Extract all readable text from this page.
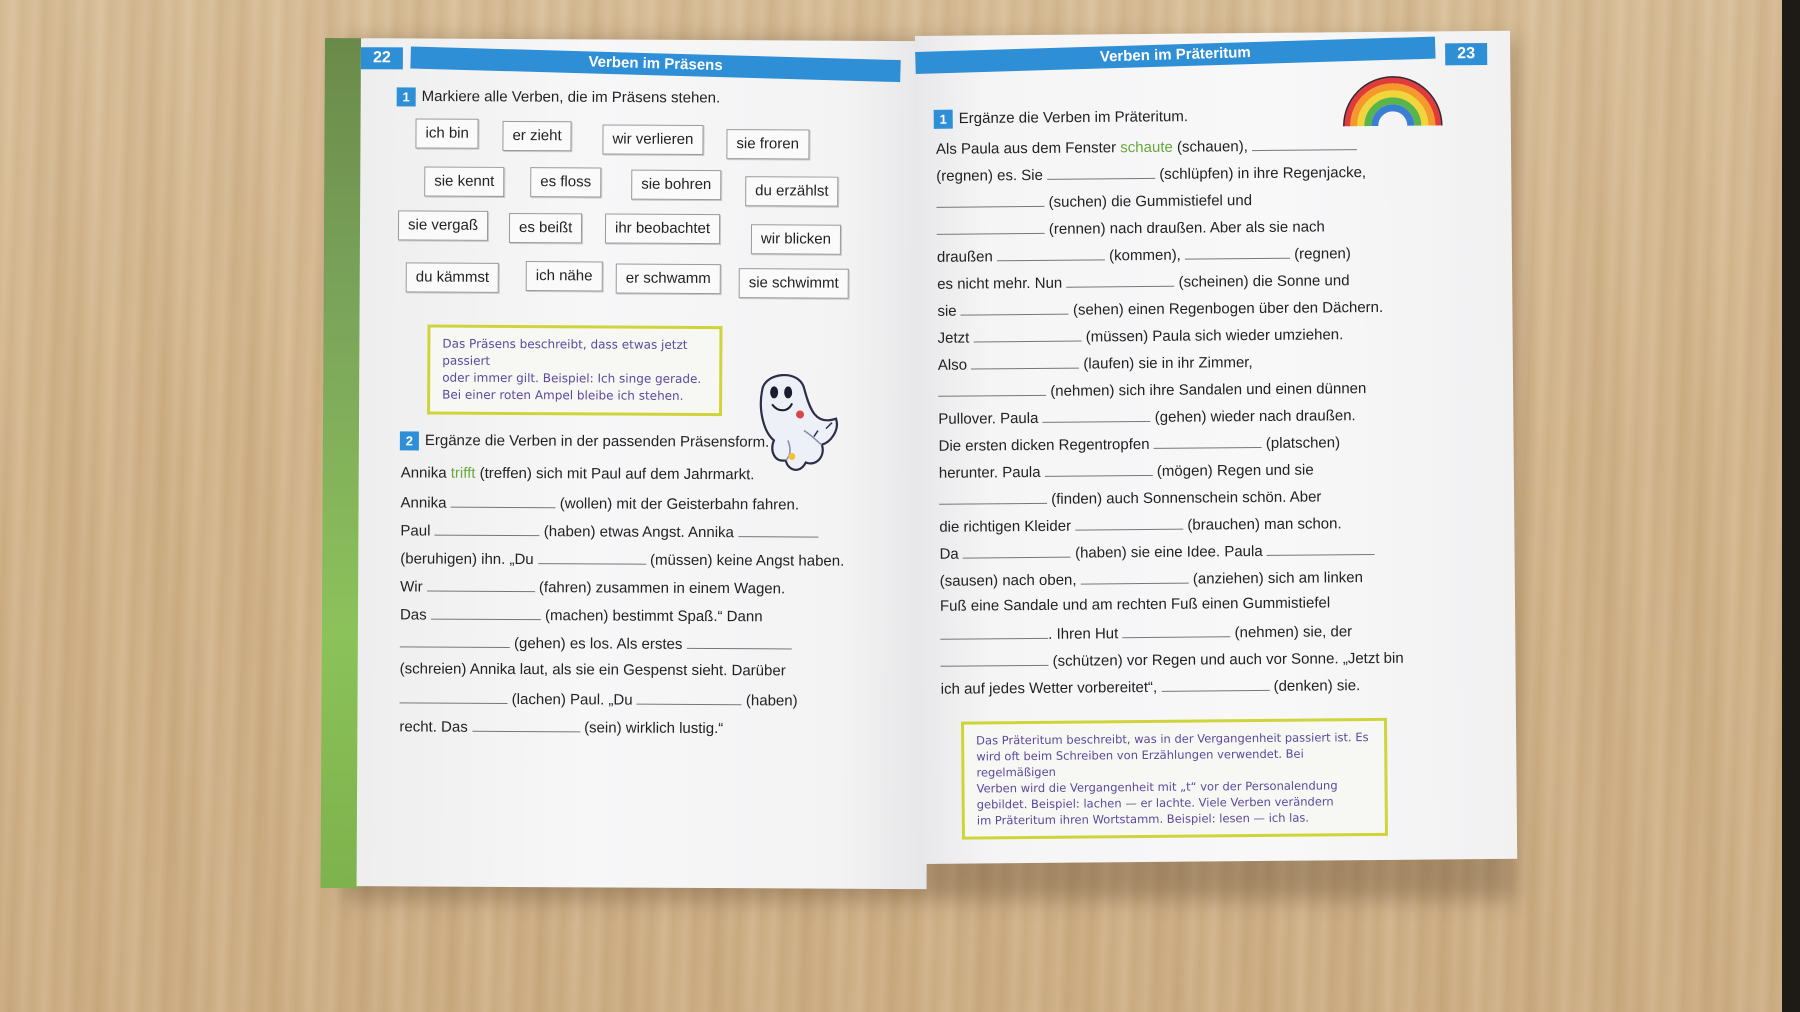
22	Verben im Präsens
1 Markiere alle Verben, die im Präsens stehen.
ich bin	er zieht	wir verlieren	sie froren
sie kennt	es floss	sie bohren	du erzählst
sie vergaß	es beißt	ihr beobachtet
wir blicken
du kämmst	ich nähe	er schwamm	sie schwimmt
Das Präsens beschreibt, dass etwas jetzt passiert
oder immer gilt. Beispiel: Ich singe gerade.
Bei einer roten Ampel bleibe ich stehen.
2 Ergänze die Verben in der passenden Präsensform.
Annika trifft (treffen) sich mit Paul auf dem Jahrmarkt.
Annika	(wollen) mit der Geisterbahn fahren.
Paul	(haben) etwas Angst. Annika
(beruhigen) ihn. „Du	(müssen) keine Angst haben.
Wir	(fahren) zusammen in einem Wagen.
Das	(machen) bestimmt Spaß.“ Dann
(gehen) es los. Als erstes
(schreien) Annika laut, als sie ein Gespenst sieht. Darüber
(lachen) Paul. „Du	(haben)
recht. Das	(sein) wirklich lustig.“
Verben im Präteritum	23
1 Ergänze die Verben im Präteritum.
Als Paula aus dem Fenster schaute (schauen),
(regnen) es. Sie	(schlüpfen) in ihre Regenjacke,
(suchen) die Gummistiefel und
(rennen) nach draußen. Aber als sie nach
draußen	(kommen),	(regnen)
es nicht mehr. Nun	(scheinen) die Sonne und
sie	(sehen) einen Regenbogen über den Dächern.
Jetzt	(müssen) Paula sich wieder umziehen.
Also	(laufen) sie in ihr Zimmer,
(nehmen) sich ihre Sandalen und einen dünnen
Pullover. Paula	(gehen) wieder nach draußen.
Die ersten dicken Regentropfen	(platschen)
herunter. Paula	(mögen) Regen und sie
(finden) auch Sonnenschein schön. Aber
die richtigen Kleider	(brauchen) man schon.
Da	(haben) sie eine Idee. Paula
(sausen) nach oben,	(anziehen) sich am linken
Fuß eine Sandale und am rechten Fuß einen Gummistiefel
. Ihren Hut	(nehmen) sie, der
(schützen) vor Regen und auch vor Sonne. „Jetzt bin
ich auf jedes Wetter vorbereitet“,	(denken) sie.
Das Präteritum beschreibt, was in der Vergangenheit passiert ist. Es
wird oft beim Schreiben von Erzählungen verwendet. Bei regelmäßigen
Verben wird die Vergangenheit mit „t“ vor der Personalendung
gebildet. Beispiel: lachen — er lachte. Viele Verben verändern
im Präteritum ihren Wortstamm. Beispiel: lesen — ich las.
